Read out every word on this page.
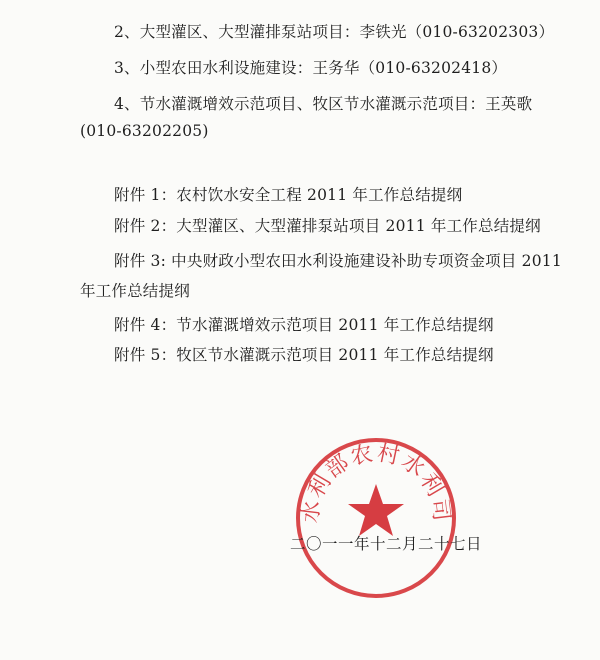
2、大型灌区、大型灌排泵站项目：李铁光（010-63202303）
3、小型农田水利设施建设：王务华（010-63202418）
4、节水灌溉增效示范项目、牧区节水灌溉示范项目：王英歌
(010-63202205)
附件 1：农村饮水安全工程 2011 年工作总结提纲
附件 2：大型灌区、大型灌排泵站项目 2011 年工作总结提纲
附件 3: 中央财政小型农田水利设施建设补助专项资金项目 2011
年工作总结提纲
附件 4：节水灌溉增效示范项目 2011 年工作总结提纲
附件 5：牧区节水灌溉示范项目 2011 年工作总结提纲
水利部农村水利司
二〇一一年十二月二十七日
